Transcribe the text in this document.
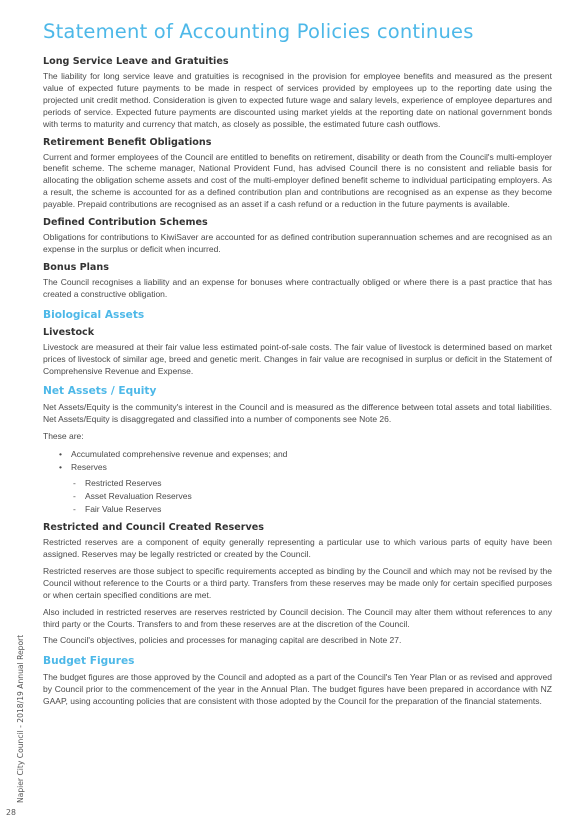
Statement of Accounting Policies continues
Long Service Leave and Gratuities

The liability for long service leave and gratuities is recognised in the provision for employee benefits and measured as the present value of expected future payments to be made in respect of services provided by employees up to the reporting date using the projected unit credit method. Consideration is given to expected future wage and salary levels, experience of employee departures and periods of service. Expected future payments are discounted using market yields at the reporting date on national government bonds with terms to maturity and currency that match, as closely as possible, the estimated future cash outflows.

Retirement Benefit Obligations

Current and former employees of the Council are entitled to benefits on retirement, disability or death from the Council's multi-employer benefit scheme. The scheme manager, National Provident Fund, has advised Council there is no consistent and reliable basis for allocating the obligation scheme assets and cost of the multi-employer defined benefit scheme to individual participating employers. As a result, the scheme is accounted for as a defined contribution plan and contributions are recognised as an expense as they become payable. Prepaid contributions are recognised as an asset if a cash refund or a reduction in the future payments is available.

Defined Contribution Schemes

Obligations for contributions to KiwiSaver are accounted for as defined contribution superannuation schemes and are recognised as an expense in the surplus or deficit when incurred.

Bonus Plans

The Council recognises a liability and an expense for bonuses where contractually obliged or where there is a past practice that has created a constructive obligation.

Biological Assets
Livestock

Livestock are measured at their fair value less estimated point-of-sale costs. The fair value of livestock is determined based on market prices of livestock of similar age, breed and genetic merit. Changes in fair value are recognised in surplus or deficit in the Statement of Comprehensive Revenue and Expense.

Net Assets / Equity

Net Assets/Equity is the community's interest in the Council and is measured as the difference between total assets and total liabilities. Net Assets/Equity is disaggregated and classified into a number of components see Note 26.

These are:

• Accumulated comprehensive revenue and expenses; and
• Reserves
- Restricted Reserves
- Asset Revaluation Reserves
- Fair Value Reserves
Restricted and Council Created Reserves

Restricted reserves are a component of equity generally representing a particular use to which various parts of equity have been assigned. Reserves may be legally restricted or created by the Council.

Restricted reserves are those subject to specific requirements accepted as binding by the Council and which may not be revised by the Council without reference to the Courts or a third party. Transfers from these reserves may be made only for certain specified purposes or when certain specified conditions are met.

Also included in restricted reserves are reserves restricted by Council decision. The Council may alter them without references to any third party or the Courts. Transfers to and from these reserves are at the discretion of the Council.

The Council's objectives, policies and processes for managing capital are described in Note 27.

Budget Figures

The budget figures are those approved by the Council and adopted as a part of the Council's Ten Year Plan or as revised and approved by Council prior to the commencement of the year in the Annual Plan. The budget figures have been prepared in accordance with NZ GAAP, using accounting policies that are consistent with those adopted by the Council for the preparation of the financial statements.

Napier City Council - 2018/19 Annual Report
28
